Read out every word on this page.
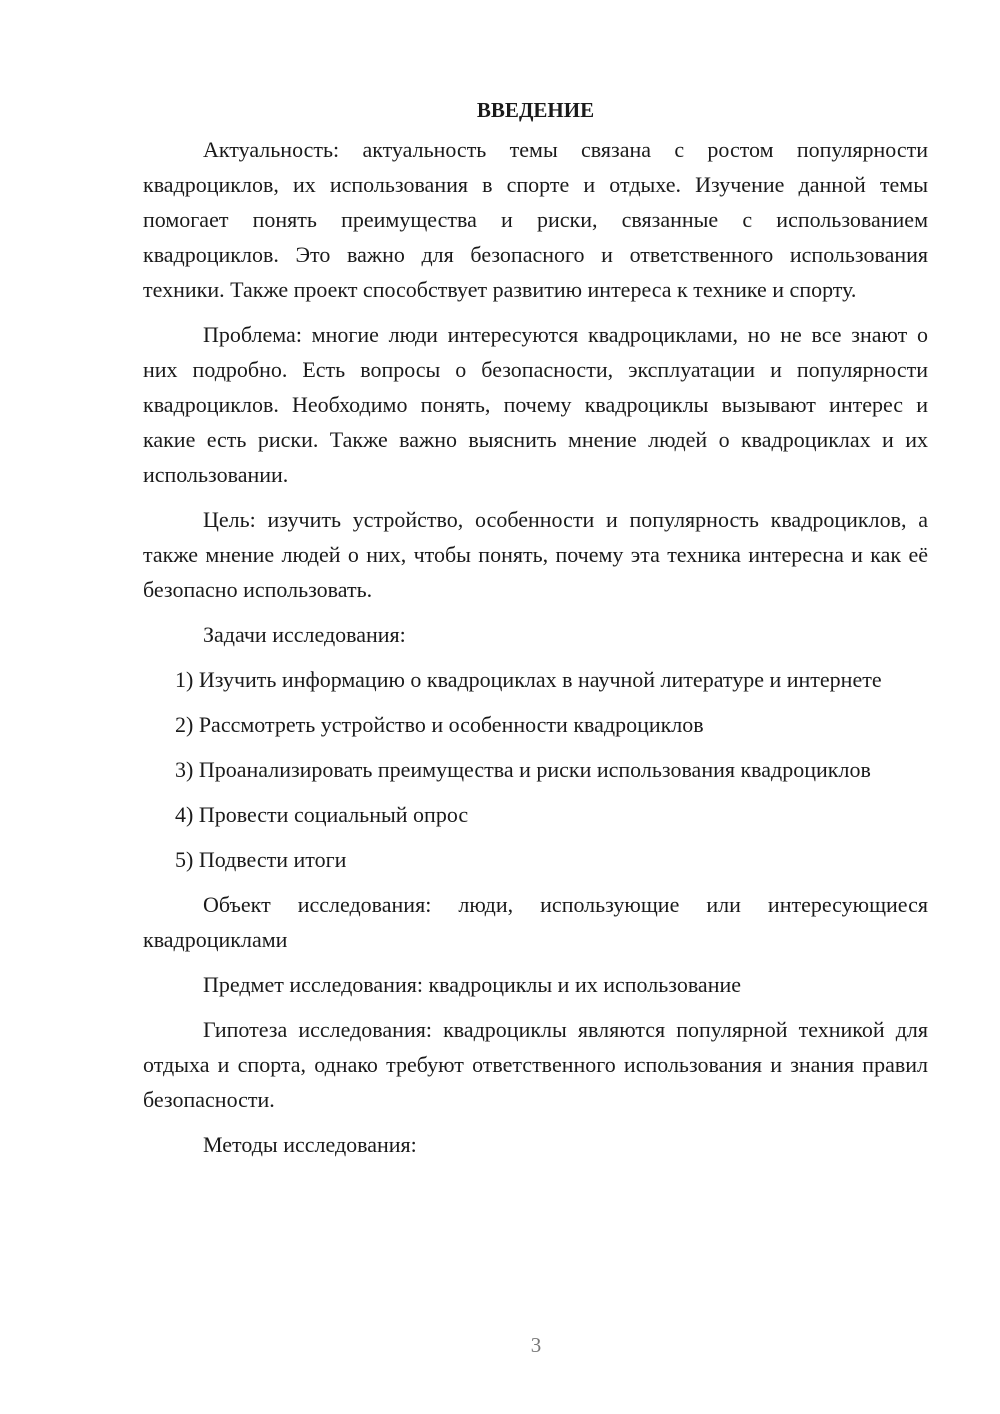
ВВЕДЕНИЕ

Актуальность: актуальность темы связана с ростом популярности квадроциклов, их использования в спорте и отдыхе. Изучение данной темы помогает понять преимущества и риски, связанные с использованием квадроциклов. Это важно для безопасного и ответственного использования техники. Также проект способствует развитию интереса к технике и спорту.

Проблема: многие люди интересуются квадроциклами, но не все знают о них подробно. Есть вопросы о безопасности, эксплуатации и популярности квадроциклов. Необходимо понять, почему квадроциклы вызывают интерес и какие есть риски. Также важно выяснить мнение людей о квадроциклах и их использовании.

Цель: изучить устройство, особенности и популярность квадроциклов, а также мнение людей о них, чтобы понять, почему эта техника интересна и как её безопасно использовать.

Задачи исследования:

1) Изучить информацию о квадроциклах в научной литературе и интернете

2) Рассмотреть устройство и особенности квадроциклов

3) Проанализировать преимущества и риски использования квадроциклов

4) Провести социальный опрос

5) Подвести итоги

Объект исследования: люди, использующие или интересующиеся квадроциклами

Предмет исследования: квадроциклы и их использование

Гипотеза исследования: квадроциклы являются популярной техникой для отдыха и спорта, однако требуют ответственного использования и знания правил безопасности.

Методы исследования:

3
